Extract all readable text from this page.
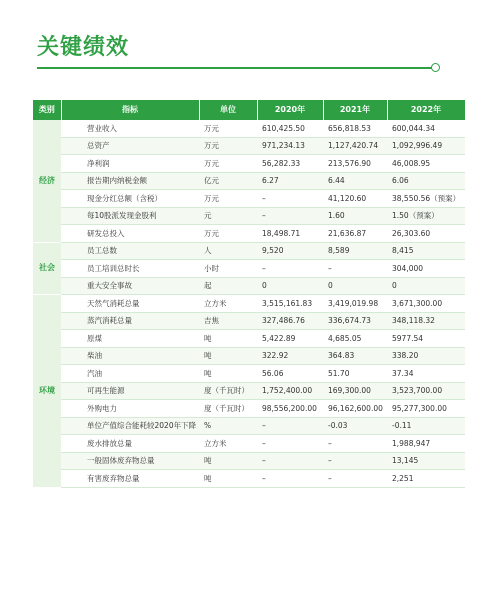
关键绩效
类别	指标	单位	2020年	2021年	2022年
经济	营业收入	万元	610,425.50	656,818.53	600,044.34
	总资产	万元	971,234.13	1,127,420.74	1,092,996.49
	净利润	万元	56,282.33	213,576.90	46,008.95
	报告期内纳税金额	亿元	6.27	6.44	6.06
	现金分红总额（含税）	万元	–	41,120.60	38,550.56（预案）
	每10股派发现金股利	元	–	1.60	1.50（预案）
	研发总投入	万元	18,498.71	21,636.87	26,303.60
社会	员工总数	人	9,520	8,589	8,415
	员工培训总时长	小时	–	–	304,000
	重大安全事故	起	0	0	0
环境	天然气消耗总量	立方米	3,515,161.83	3,419,019.98	3,671,300.00
	蒸汽消耗总量	吉焦	327,486.76	336,674.73	348,118.32
	原煤	吨	5,422.89	4,685.05	5977.54
	柴油	吨	322.92	364.83	338.20
	汽油	吨	56.06	51.70	37.34
	可再生能源	度（千瓦时）	1,752,400.00	169,300.00	3,523,700.00
	外购电力	度（千瓦时）	98,556,200.00	96,162,600.00	95,277,300.00
	单位产值综合能耗较2020年下降	%	–	-0.03	-0.11
	废水排放总量	立方米	–	–	1,988,947
	一般固体废弃物总量	吨	–	–	13,145
	有害废弃物总量	吨	–	–	2,251
